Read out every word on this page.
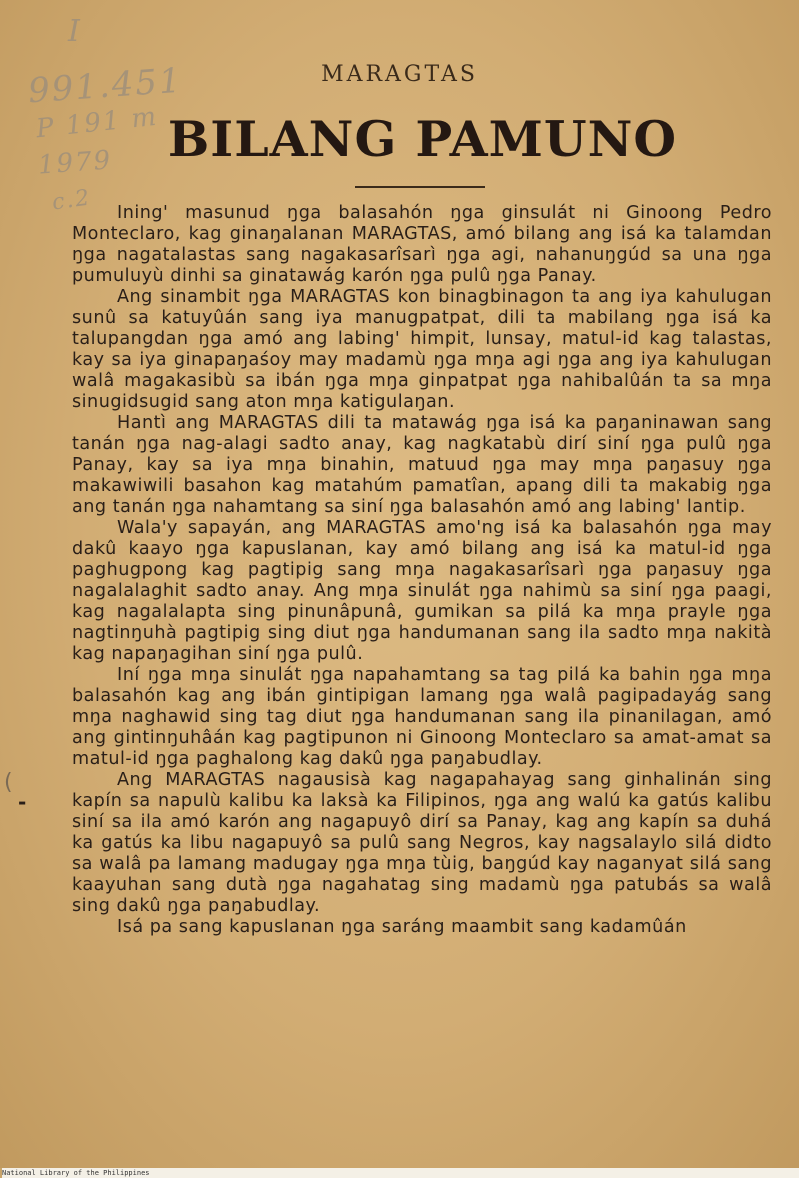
I
991.451
P 191 m
1979
c.2
MARAGTAS
BILANG PAMUNO

Ining' masunud ŋga balasahón ŋga ginsulát ni Ginoong Pedro Monteclaro, kag ginaŋalanan MARAGTAS, amó bilang ang isá ka talamdan ŋga nagatalastas sang nagakasarîsarì ŋga agi, nahanuŋgúd sa una ŋga pumuluyù dinhi sa ginatawág karón ŋga pulû ŋga Panay.

Ang sinambit ŋga MARAGTAS kon binagbinagon ta ang iya kahulugan sunû sa katuyûán sang iya manugpatpat, dili ta mabilang ŋga isá ka talupangdan ŋga amó ang labing' himpit, lunsay, matul-id kag talastas, kay sa iya ginapaŋaśoy may madamù ŋga mŋa agi ŋga ang iya kahulugan walâ magakasibù sa ibán ŋga mŋa ginpatpat ŋga nahibalûán ta sa mŋa sinugidsugid sang aton mŋa katigulaŋan.

Hantì ang MARAGTAS dili ta matawág ŋga isá ka paŋaninawan sang tanán ŋga nag-alagi sadto anay, kag nagkatabù dirí siní ŋga pulû ŋga Panay, kay sa iya mŋa binahin, matuud ŋga may mŋa paŋasuy ŋga makawiwili basahon kag matahúm pamatîan, apang dili ta makabig ŋga ang tanán ŋga nahamtang sa siní ŋga balasahón amó ang labing' lantip.

Wala'y sapayán, ang MARAGTAS amo'ng isá ka balasahón ŋga may dakû kaayo ŋga kapuslanan, kay amó bilang ang isá ka matul-id ŋga paghugpong kag pagtipig sang mŋa nagakasarîsarì ŋga paŋasuy ŋga nagalalaghit sadto anay. Ang mŋa sinulát ŋga nahimù sa siní ŋga paagi, kag nagalalapta sing pinunâpunâ, gumikan sa pilá ka mŋa prayle ŋga nagtinŋuhà pagtipig sing diut ŋga handumanan sang ila sadto mŋa nakità kag napaŋagihan siní ŋga pulû.

Iní ŋga mŋa sinulát ŋga napahamtang sa tag pilá ka bahin ŋga mŋa balasahón kag ang ibán gintipigan lamang ŋga walâ pagipadayág sang mŋa naghawid sing tag diut ŋga handumanan sang ila pinanilagan, amó ang gintinŋuhâán kag pagtipunon ni Ginoong Monteclaro sa amat-amat sa matul-id ŋga paghalong kag dakû ŋga paŋabudlay.

Ang MARAGTAS nagausisà kag nagapahayag sang ginhalinán sing kapín sa napulù kalibu ka laksà ka Filipinos, ŋga ang walú ka gatús kalibu siní sa ila amó karón ang nagapuyô dirí sa Panay, kag ang kapín sa duhá ka gatús ka libu nagapuyô sa pulû sang Negros, kay nagsalaylo silá didto sa walâ pa lamang madugay ŋga mŋa tùig, baŋgúd kay naganyat silá sang kaayuhan sang dutà ŋga nagahatag sing madamù ŋga patubás sa walâ sing dakû ŋga paŋabudlay.

Isá pa sang kapuslanan ŋga saráng maambit sang kadamûán

(
-
National Library of the Philippines
